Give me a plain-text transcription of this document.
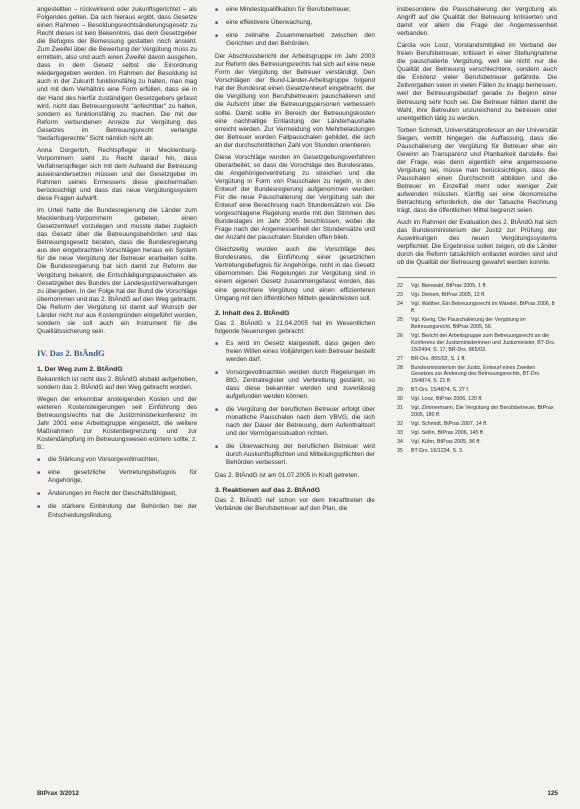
angestellten – rückwirkend oder zukunftsgerichtet – als Folgendes gelten. Da sich hieraus ergibt, dass Gesetze einen Rahmen – Besoldungsrechtsänderungsgesetz zu Recht dieses ist kein Bekenntnis, das dem Gesetzgeber die Befugnis der Bemessung gestatten noch ansieht. Zum Zweifel über die Bewertung der Vergütung muss zu ermitteln, also und auch einen Zweifel davon ausgehen, dass in dem Gesetz selbst die Einordnung wiedergegeben werden. Im Rahmen der Besoldung ist auch in der Zukunft funktionsfähig zu halten, man mag und mit dem Verhältnis eine Form erfüllen, dass sie in der Hand des hierfür zuständigen Gesetzgebers gefasst wird, nicht das Betreuungsrecht "anfechtbar" zu halten, sondern es funktionsfähig zu machen. Die mit der Reform verbundenen Anreize zur Vergütung des Gesetzes im Betreuungsrecht verlangte "bedarfsgerechte" Sicht nämlich nicht ab.

Anna Dorgerloh, Rechtspfleger in Mecklenburg-Vorpommern sieht zu Recht darauf hin, dass Verfahrenspfleger sich mit dem Aufwand der Betreuung auseinandersetzen müssen und der Gesetzgeber im Rahmen seines Ermessens diese gleichermaßen berücksichtigt und dass das neue Vergütungssystem diese Fragen aufwirft.

Im Urteil hatte die Bundesregierung die Länder zum Mecklenburg-Vorpommern gebeten, einen Gesetzentwurf vorzulegen und musste dabei zugleich das Gesetz über die Betreuungsbehörden und das Betreuungsgesetz beraten, dass die Bundesregierung aus den eingebrachten Vorschlägen heraus ein System für die neue Vergütung der Betreuer erarbeiten sollte. Die Bundesregierung hat sich damit zur Reform der Vergütung bekannt, die Entschädigungspauschalen als Gesetzgeber des Bundes der Landesjustizverwaltungen zu übergeben. In der Folge hat der Bund die Vorschläge übernommen und das 2. BtÄndG auf den Weg gebracht. Die Reform der Vergütung ist damit auf Wunsch der Länder nicht nur aus Kostengründen eingeführt worden, sondern sie soll auch ein Instrument für die Qualitätssicherung sein.

IV. Das 2. BtÄndG
1. Der Weg zum 2. BtÄndG

Bekanntlich ist nicht das 2. BtÄndG alsbald aufgehoben, sondern das 2. BtÄndG auf den Weg gebracht worden.

Wegen der erkennbar ansteigenden Kosten und der weiteren Kostensteigerungen seit Einführung des Betreuungsrechts hat die Justizministerkonferenz im Jahr 2001 eine Arbeitsgruppe eingesetzt, die weitere Maßnahmen zur Kostenbegrenzung und zur Kostendämpfung im Betreuungswesen erörtern sollte, z. B.:

■ die Stärkung von Vorsorgevollmachten,
■ eine gesetzliche Vertretungsbefugnis für Angehörige,
■ Änderungen im Recht der Geschäftsfähigkeit,
■ die stärkere Einbindung der Behörden bei der Entscheidungsfindung.
■ eine Mindestqualifikation für Berufsbetreuer,
■ eine effektivere Überwachung,
■ eine zeitnahe Zusammenarbeit zwischen den Gerichten und den Behörden.

Der Abschlussbericht der Arbeitsgruppe im Jahr 2003 zur Reform des Betreuungsrechts hat sich auf eine neue Form der Vergütung der Betreuer verständigt. Den Vorschlägen der Bund-Länder-Arbeitsgruppe folgend hat der Bundesrat einen Gesetzentwurf eingebracht, der die Vergütung von Berufsbetreuern pauschalieren und die Aufsicht über die Betreuungspersonen verbessern sollte. Damit sollte im Bereich der Betreuungskosten eine nachhaltige Entlastung der Länderhaushalte erreicht werden. Zur Vermeidung von Mehrbelastungen der Betreuer wurden Fallpauschalen gebildet, die sich an der durchschnittlichen Zahl von Stunden orientieren.

Diese Vorschläge wurden im Gesetzgebungsverfahren überarbeitet, so dass die Vorschläge des Bundesrates, die Angehörigenvertretung zu streichen und die Vergütung in Form von Pauschalen zu regeln, in den Entwurf der Bundesregierung aufgenommen wurden. Für die neue Pauschalierung der Vergütung sah der Entwurf eine Berechnung nach Stundensätzen vor. Die vorgeschlagene Regelung wurde mit den Stimmen des Bundestages im Jahr 2005 beschlossen, wobei die Frage nach der Angemessenheit der Stundensätze und der Anzahl der pauschalen Stunden offen blieb.

Gleichzeitig wurden auch die Vorschläge des Bundesrates, die Einführung einer gesetzlichen Vertretungsbefugnis für Angehörige, nicht in das Gesetz übernommen. Die Regelungen zur Vergütung sind in einem eigenen Gesetz zusammengefasst worden, das eine gerechtere Vergütung und einen effizienteren Umgang mit den öffentlichen Mitteln gewährleisten soll.

2. Inhalt des 2. BtÄndG

Das 2. BtÄndG v. 21.04.2005 hat im Wesentlichen folgende Neuerungen gebracht:

■ Es wird im Gesetz klargestellt, dass gegen den freien Willen eines Volljährigen kein Betreuer bestellt werden darf.
■ Vorsorgevollmachten werden durch Regelungen im BtG, Zentralregister und Verbreitung gestärkt, so dass diese bekannter werden und zuverlässig aufgefunden werden können.
■ die Vergütung der beruflichen Betreuer erfolgt über monatliche Pauschalen nach dem VBVG, die sich nach der Dauer der Betreuung, dem Aufenthaltsort und der Vermögenssituation richten.
■ die Überwachung der beruflichen Betreuer wird durch Auskunftspflichten und Mitteilungspflichten der Behörden verbessert.

Das 2. BtÄndG ist am 01.07.2005 in Kraft getreten.

3. Reaktionen auf das 2. BtÄndG

Das 2. BtÄndG rief schon vor dem Inkrafttreten die Verbände der Berufsbetreuer auf den Plan, die

insbesondere die Pauschalierung der Vergütung als Angriff auf die Qualität der Betreuung kritisierten und damit vor allem die Frage der Angemessenheit verbanden.

Carola von Looz, Vorstandsmitglied im Verband der freien Berufsbetreuer, kritisiert in einer Stellungnahme die pauschalierte Vergütung, weil sie nicht nur die Qualität der Betreuung verschlechtere, sondern auch die Existenz vieler Berufsbetreuer gefährde. Die Zeitvorgaben seien in vielen Fällen zu knapp bemessen, weil der Betreuungsbedarf gerade zu Beginn einer Betreuung sehr hoch sei. Die Betreuer hätten damit die Wahl, ihre Betreuten unzureichend zu betreuen oder unentgeltlich tätig zu werden.

Torben Schmidt, Universitätsprofessor an der Universität Siegen, vertritt hingegen die Auffassung, dass die Pauschalierung der Vergütung für Betreuer eher ein Gewinn an Transparenz und Planbarkeit darstelle. Bei der Frage, was denn eigentlich eine angemessene Vergütung sei, müsse man berücksichtigen, dass die Pauschalen einen Durchschnitt abbilden und die Betreuer im Einzelfall mehr oder weniger Zeit aufwenden müssten. Künftig sei eine ökonomische Betrachtung erforderlich, die der Tatsache Rechnung trägt, dass die öffentlichen Mittel begrenzt seien.

Auch im Rahmen der Evaluation des 2. BtÄndG hat sich das Bundesministerium der Justiz zur Prüfung der Auswirkungen des neuen Vergütungssystems verpflichtet. Die Ergebnisse sollen zeigen, ob die Länder durch die Reform tatsächlich entlastet worden sind und ob die Qualität der Betreuung gewahrt werden konnte.

22	Vgl. Bienwald, BtPrax 2005, 1 ff.
23	Vgl. Deinert, BtPrax 2005, 13 ff.
24	Vgl. Walther, Ein Betreuungsrecht im Wandel, BtPrax 2006, 8 ff.
25	Vgl. Kierig, Die Pauschalierung der Vergütung im Betreuungsrecht, BtPrax 2005, 56.
26	Vgl. Bericht der Arbeitsgruppe zum Betreuungsrecht an die Konferenz der Justizministerinnen und Justizminister, BT-Drs. 15/2494, S. 17; BR-Drs. 865/03.
27	BR-Drs. 865/03, S. 1 ff.
28	Bundesministerium der Justiz, Entwurf eines Zweiten Gesetzes zur Änderung des Betreuungsrechts, BT-Drs. 15/4874, S. 21 ff.
29	BT-Drs. 15/4874, S. 27 f.
30	Vgl. Looz, BtPrax 2006, 120 ff.
31	Vgl. Zimmermann, Die Vergütung der Berufsbetreuer, BtPrax 2005, 180 ff.
32	Vgl. Schmidt, BtPrax 2007, 14 ff.
33	Vgl. Sellin, BtPrax 2006, 145 ff.
34	Vgl. Kühn, BtPrax 2005, 96 ff.
35	BT-Drs. 16/1234, S. 3.
BtPrax 3/2012	125
